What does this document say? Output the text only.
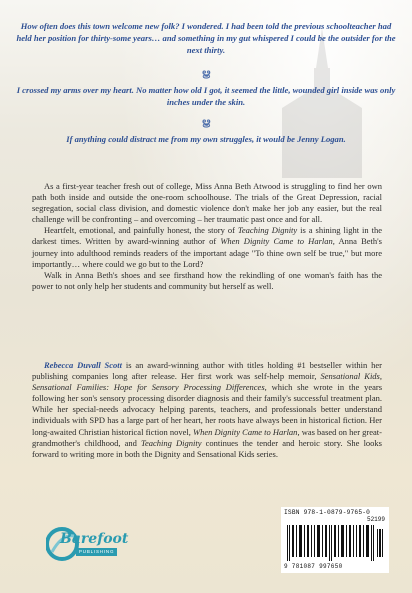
How often does this town welcome new folk? I wondered. I had been told the previous schoolteacher had held her position for thirty-some years… and something in my gut whispered I could be the outsider for the next thirty.
ൠ
I crossed my arms over my heart. No matter how old I got, it seemed the little, wounded girl inside was only inches under the skin.
ൠ
If anything could distract me from my own struggles, it would be Jenny Logan.

As a first-year teacher fresh out of college, Miss Anna Beth Atwood is struggling to find her own path both inside and outside the one-room schoolhouse. The trials of the Great Depression, racial segregation, social class division, and domestic violence don't make her job any easier, but the real challenge will be confronting – and overcoming – her traumatic past once and for all.

Heartfelt, emotional, and painfully honest, the story of Teaching Dignity is a shining light in the darkest times. Written by award-winning author of When Dignity Came to Harlan, Anna Beth's journey into adulthood reminds readers of the important adage "To thine own self be true," but more importantly… where could we go but to the Lord?

Walk in Anna Beth's shoes and see firsthand how the rekindling of one woman's faith has the power to not only help her students and community but herself as well.

Rebecca Duvall Scott is an award-winning author with titles holding #1 bestseller within her publishing companies long after release. Her first work was self-help memoir, Sensational Kids, Sensational Families: Hope for Sensory Processing Differences, which she wrote in the years following her son's sensory processing disorder diagnosis and their family's successful treatment plan. While her special-needs advocacy helping parents, teachers, and professionals better understand individuals with SPD has a large part of her heart, her roots have always been in historical fiction. Her long-awaited Christian historical fiction novel, When Dignity Came to Harlan, was based on her great-grandmother's childhood, and Teaching Dignity continues the tender and heroic story. She looks forward to writing more in both the Dignity and Sensational Kids series.

Barefoot
PUBLISHING
ISBN 978-1-0879-9765-0
52199
9 781087 997650
